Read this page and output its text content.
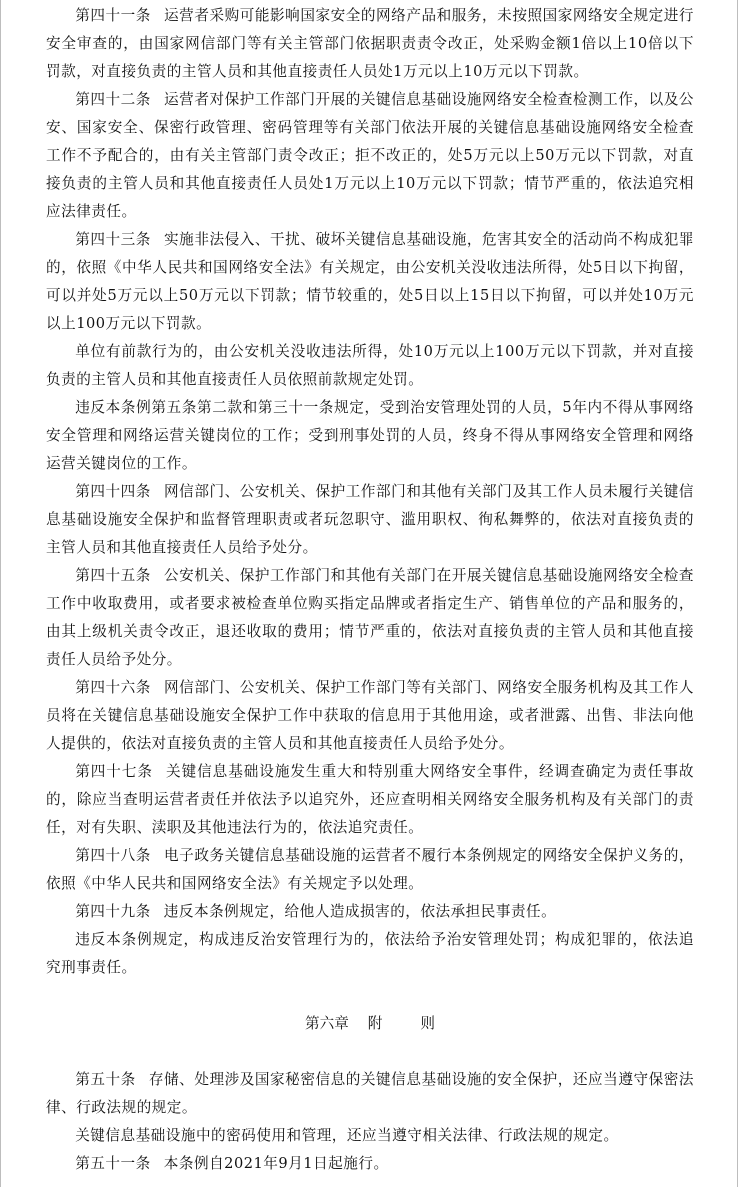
第四十一条 运营者采购可能影响国家安全的网络产品和服务，未按照国家网络安全规定进行安全审查的，由国家网信部门等有关主管部门依据职责责令改正，处采购金额1倍以上10倍以下罚款，对直接负责的主管人员和其他直接责任人员处1万元以上10万元以下罚款。

第四十二条 运营者对保护工作部门开展的关键信息基础设施网络安全检查检测工作，以及公安、国家安全、保密行政管理、密码管理等有关部门依法开展的关键信息基础设施网络安全检查工作不予配合的，由有关主管部门责令改正；拒不改正的，处5万元以上50万元以下罚款，对直接负责的主管人员和其他直接责任人员处1万元以上10万元以下罚款；情节严重的，依法追究相应法律责任。

第四十三条 实施非法侵入、干扰、破坏关键信息基础设施，危害其安全的活动尚不构成犯罪的，依照《中华人民共和国网络安全法》有关规定，由公安机关没收违法所得，处5日以下拘留，可以并处5万元以上50万元以下罚款；情节较重的，处5日以上15日以下拘留，可以并处10万元以上100万元以下罚款。

单位有前款行为的，由公安机关没收违法所得，处10万元以上100万元以下罚款，并对直接负责的主管人员和其他直接责任人员依照前款规定处罚。

违反本条例第五条第二款和第三十一条规定，受到治安管理处罚的人员，5年内不得从事网络安全管理和网络运营关键岗位的工作；受到刑事处罚的人员，终身不得从事网络安全管理和网络运营关键岗位的工作。

第四十四条 网信部门、公安机关、保护工作部门和其他有关部门及其工作人员未履行关键信息基础设施安全保护和监督管理职责或者玩忽职守、滥用职权、徇私舞弊的，依法对直接负责的主管人员和其他直接责任人员给予处分。

第四十五条 公安机关、保护工作部门和其他有关部门在开展关键信息基础设施网络安全检查工作中收取费用，或者要求被检查单位购买指定品牌或者指定生产、销售单位的产品和服务的，由其上级机关责令改正，退还收取的费用；情节严重的，依法对直接负责的主管人员和其他直接责任人员给予处分。

第四十六条 网信部门、公安机关、保护工作部门等有关部门、网络安全服务机构及其工作人员将在关键信息基础设施安全保护工作中获取的信息用于其他用途，或者泄露、出售、非法向他人提供的，依法对直接负责的主管人员和其他直接责任人员给予处分。

第四十七条 关键信息基础设施发生重大和特别重大网络安全事件，经调查确定为责任事故的，除应当查明运营者责任并依法予以追究外，还应查明相关网络安全服务机构及有关部门的责任，对有失职、渎职及其他违法行为的，依法追究责任。

第四十八条 电子政务关键信息基础设施的运营者不履行本条例规定的网络安全保护义务的，依照《中华人民共和国网络安全法》有关规定予以处理。

第四十九条 违反本条例规定，给他人造成损害的，依法承担民事责任。

违反本条例规定，构成违反治安管理行为的，依法给予治安管理处罚；构成犯罪的，依法追究刑事责任。

第六章 附	则

第五十条 存储、处理涉及国家秘密信息的关键信息基础设施的安全保护，还应当遵守保密法律、行政法规的规定。

关键信息基础设施中的密码使用和管理，还应当遵守相关法律、行政法规的规定。

第五十一条 本条例自2021年9月1日起施行。
